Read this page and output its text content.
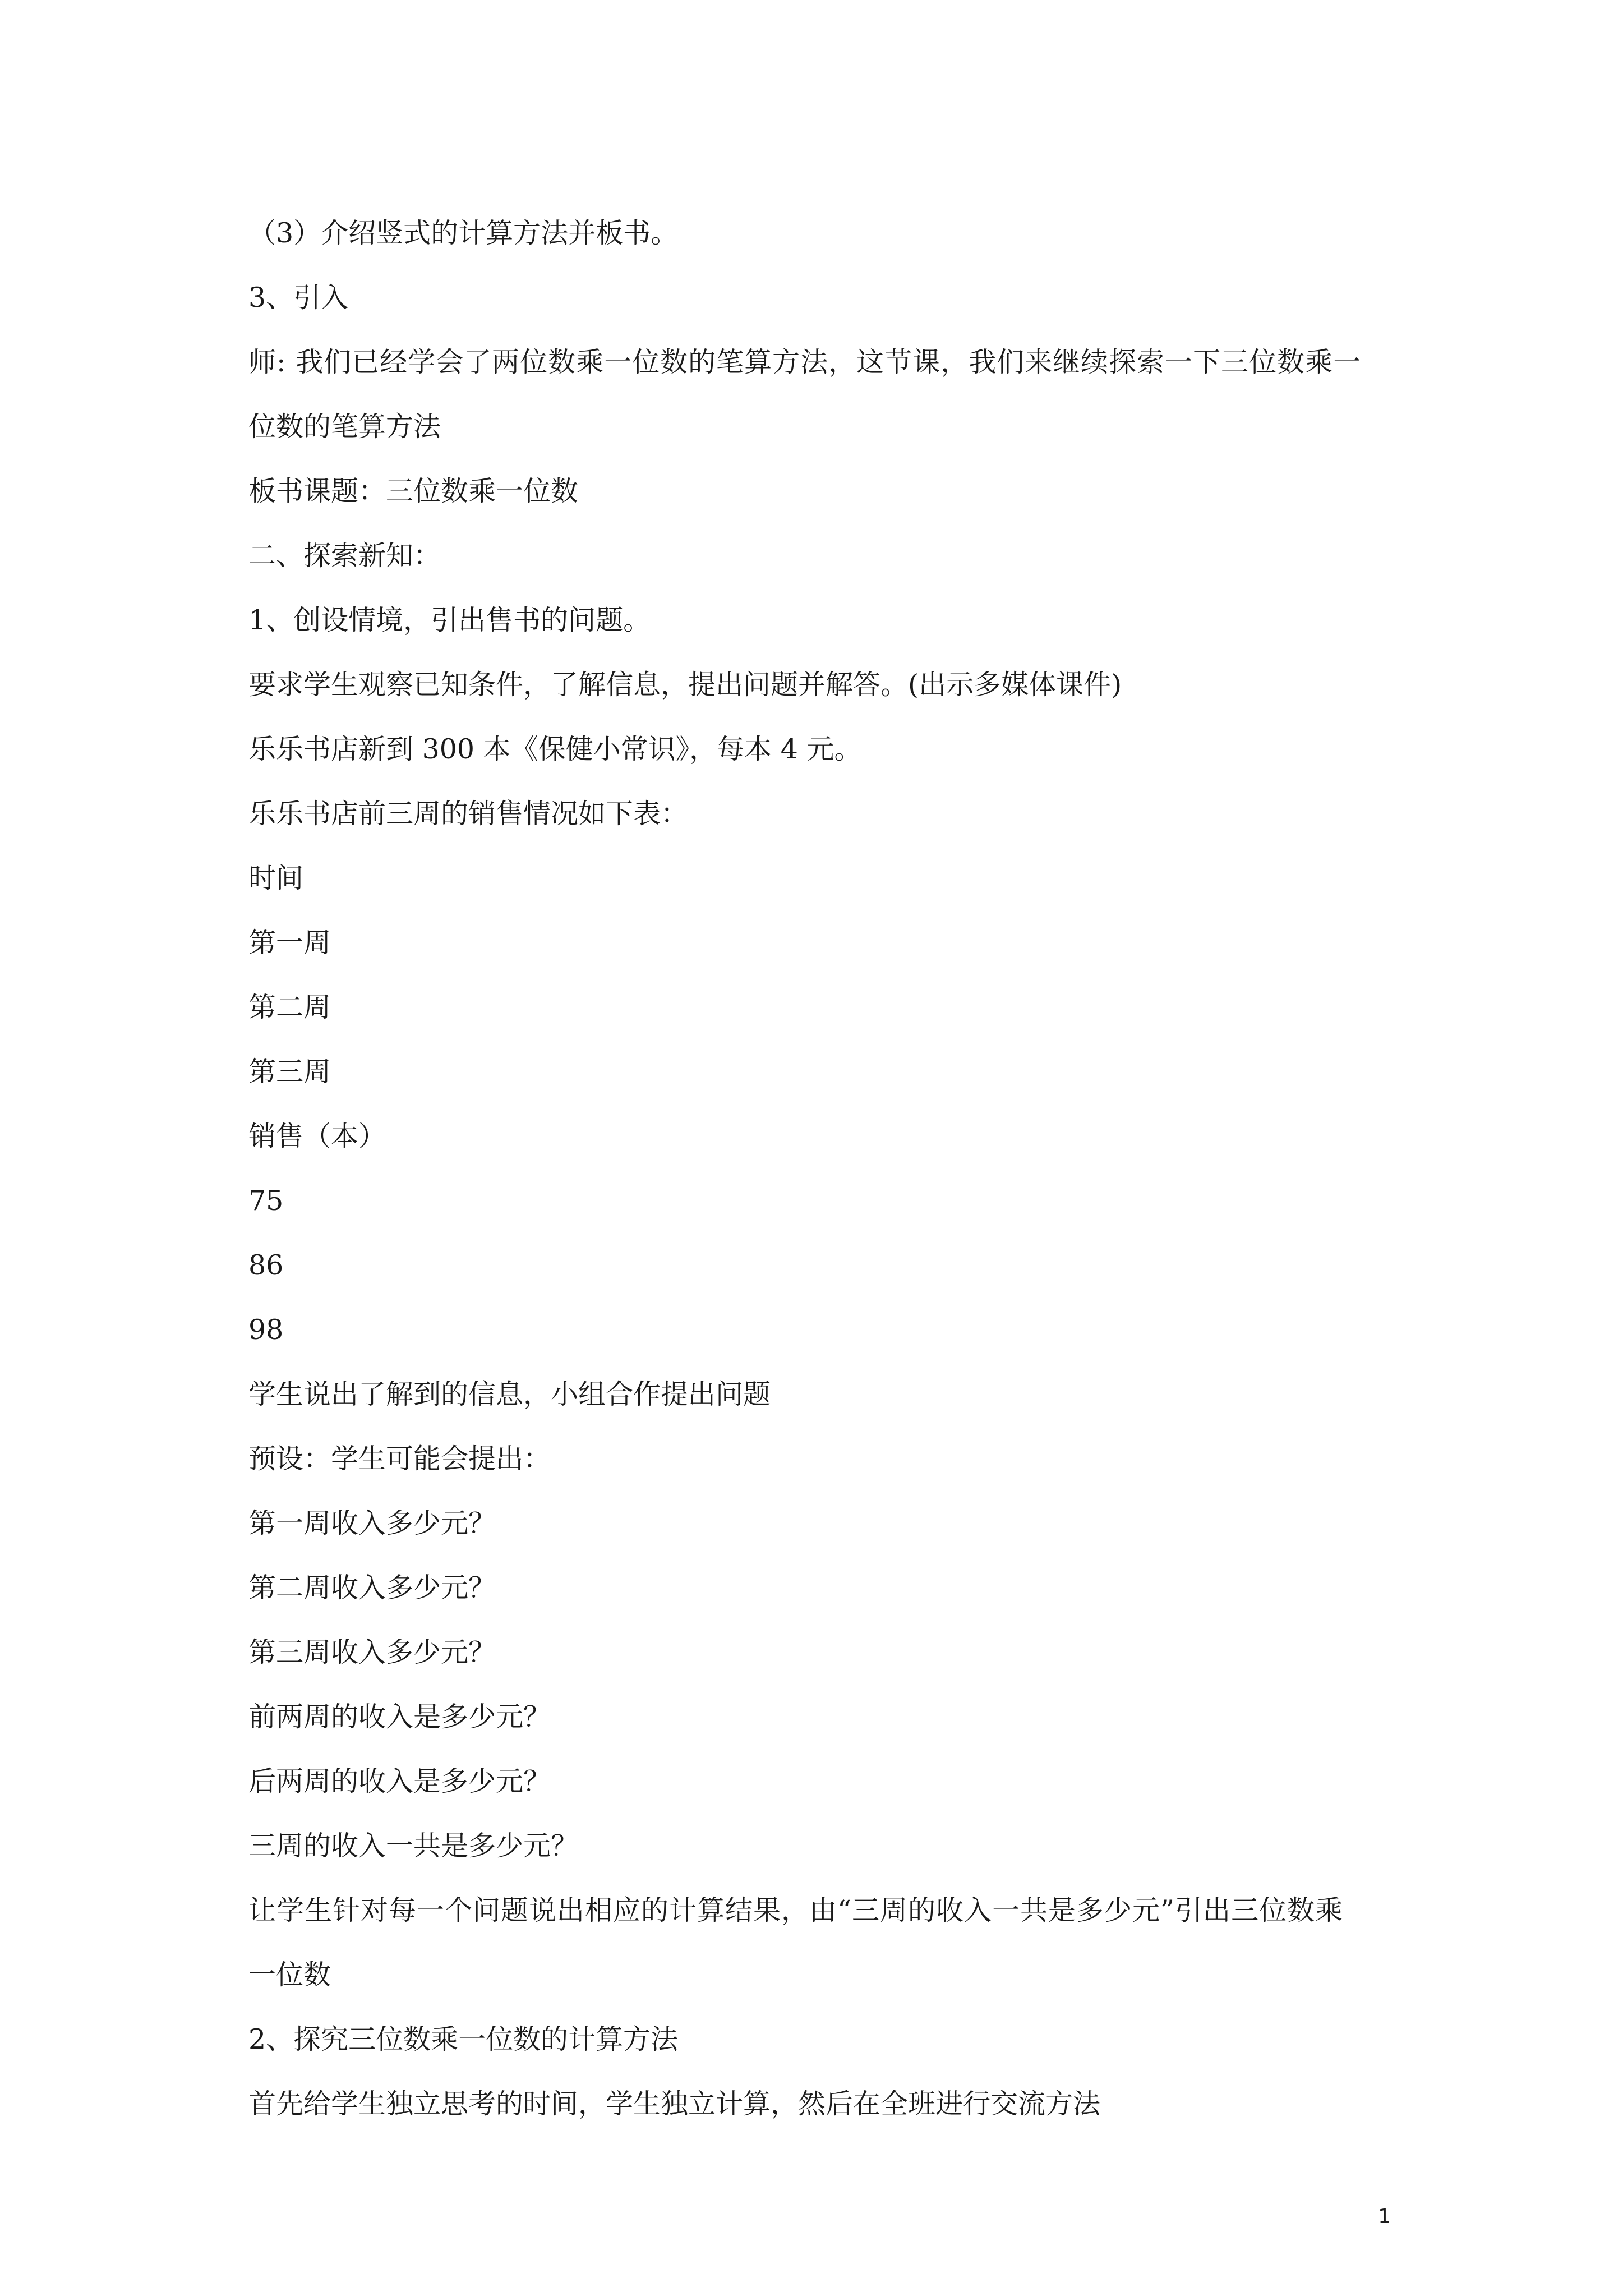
（3）介绍竖式的计算方法并板书。
3、引入
师: 我们已经学会了两位数乘一位数的笔算方法，这节课，我们来继续探索一下三位数乘一
位数的笔算方法
板书课题：三位数乘一位数
二、探索新知：
1、创设情境，引出售书的问题。
要求学生观察已知条件，了解信息，提出问题并解答。(出示多媒体课件)
乐乐书店新到 300 本《保健小常识》，每本 4 元。
乐乐书店前三周的销售情况如下表：
时间
第一周
第二周
第三周
销售（本）
75
86
98
学生说出了解到的信息，小组合作提出问题
预设：学生可能会提出：
第一周收入多少元？
第二周收入多少元？
第三周收入多少元？
前两周的收入是多少元？
后两周的收入是多少元？
三周的收入一共是多少元？
让学生针对每一个问题说出相应的计算结果，由“三周的收入一共是多少元”引出三位数乘
一位数
2、探究三位数乘一位数的计算方法
首先给学生独立思考的时间，学生独立计算，然后在全班进行交流方法
1
